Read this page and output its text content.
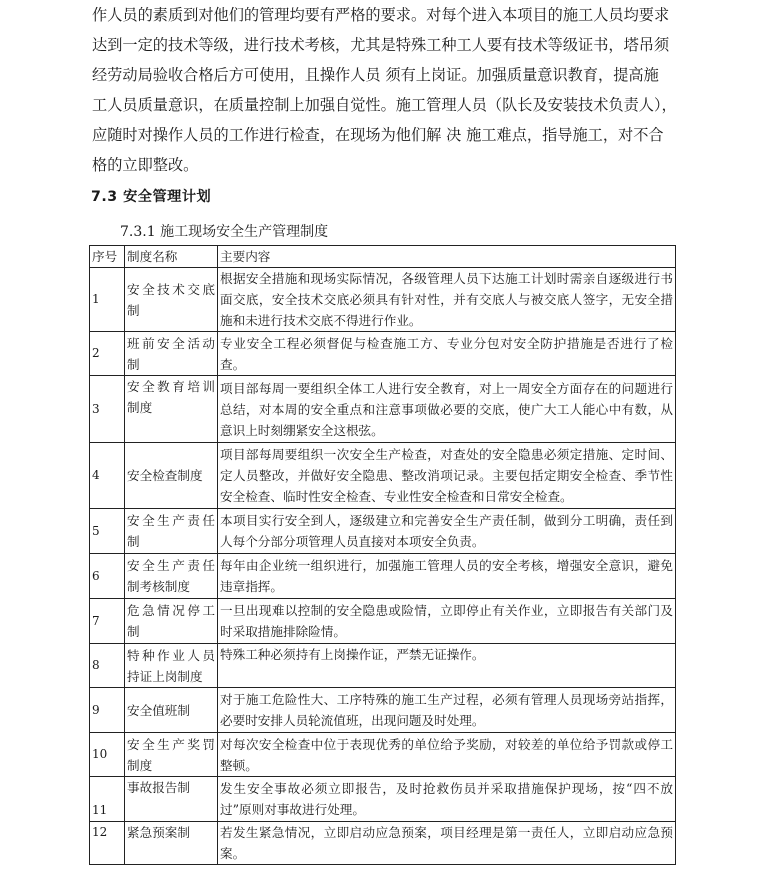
作人员的素质到对他们的管理均要有严格的要求。对每个进入本项目的施工人员均要求
达到一定的技术等级，进行技术考核，尤其是特殊工种工人要有技术等级证书，塔吊须
经劳动局验收合格后方可使用，且操作人员 须有上岗证。加强质量意识教育，提高施
工人员质量意识，在质量控制上加强自觉性。施工管理人员（队长及安装技术负责人），
应随时对操作人员的工作进行检查，在现场为他们解 决 施工难点，指导施工，对不合
格的立即整改。
7.3 安全管理计划
7.3.1 施工现场安全生产管理制度
序号	制度名称	主要内容
1	安全技术交底制	根据安全措施和现场实际情况，各级管理人员下达施工计划时需亲自逐级进行书面交底，安全技术交底必须具有针对性，并有交底人与被交底人签字，无安全措施和未进行技术交底不得进行作业。
2	班前安全活动制	专业安全工程必须督促与检查施工方、专业分包对安全防护措施是否进行了检查。
3	安全教育培训制度	项目部每周一要组织全体工人进行安全教育，对上一周安全方面存在的问题进行总结，对本周的安全重点和注意事项做必要的交底，使广大工人能心中有数，从意识上时刻绷紧安全这根弦。
4	安全检查制度	项目部每周要组织一次安全生产检查，对查处的安全隐患必须定措施、定时间、定人员整改，并做好安全隐患、整改消项记录。主要包括定期安全检查、季节性安全检查、临时性安全检查、专业性安全检查和日常安全检查。
5	安全生产责任制	本项目实行安全到人，逐级建立和完善安全生产责任制，做到分工明确，责任到人每个分部分项管理人员直接对本项安全负责。
6	安全生产责任制考核制度	每年由企业统一组织进行，加强施工管理人员的安全考核，增强安全意识，避免违章指挥。
7	危急情况停工制	一旦出现难以控制的安全隐患或险情，立即停止有关作业，立即报告有关部门及时采取措施排除险情。
8	特种作业人员持证上岗制度	特殊工种必须持有上岗操作证，严禁无证操作。
9	安全值班制	对于施工危险性大、工序特殊的施工生产过程，必须有管理人员现场旁站指挥，必要时安排人员轮流值班，出现问题及时处理。
10	安全生产奖罚制度	对每次安全检查中位于表现优秀的单位给予奖励，对较差的单位给予罚款或停工整顿。
11	事故报告制	发生安全事故必须立即报告，及时抢救伤员并采取措施保护现场，按“四不放过”原则对事故进行处理。
12	紧急预案制	若发生紧急情况，立即启动应急预案，项目经理是第一责任人，立即启动应急预案。
